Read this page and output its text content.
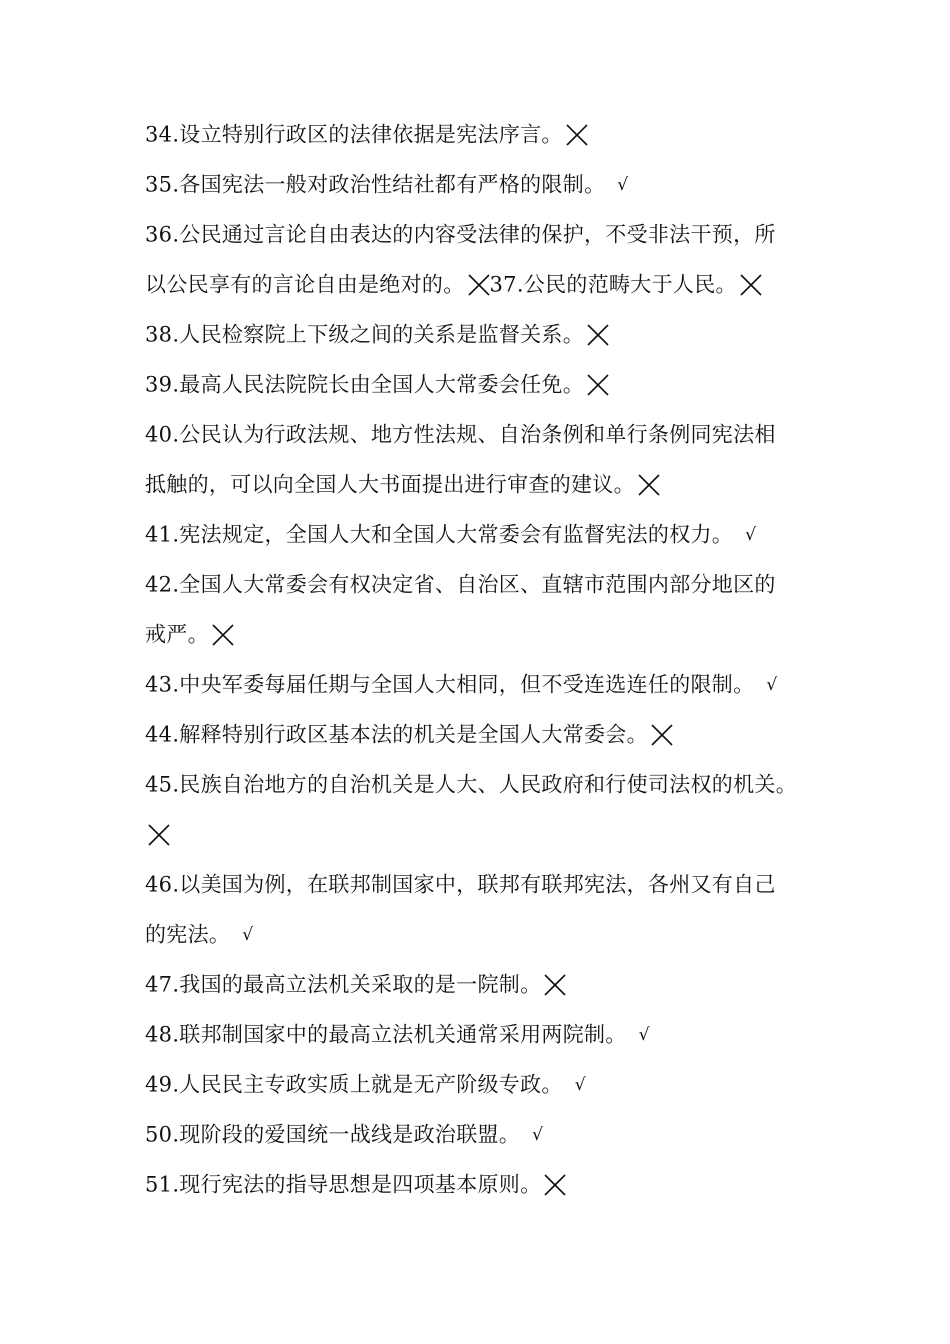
34.设立特别行政区的法律依据是宪法序言。
35.各国宪法一般对政治性结社都有严格的限制。 √
36.公民通过言论自由表达的内容受法律的保护，不受非法干预，所
以公民享有的言论自由是绝对的。 37.公民的范畴大于人民。
38.人民检察院上下级之间的关系是监督关系。
39.最高人民法院院长由全国人大常委会任免。
40.公民认为行政法规、地方性法规、自治条例和单行条例同宪法相
抵触的，可以向全国人大书面提出进行审查的建议。
41.宪法规定，全国人大和全国人大常委会有监督宪法的权力。 √
42.全国人大常委会有权决定省、自治区、直辖市范围内部分地区的
戒严。
43.中央军委每届任期与全国人大相同，但不受连选连任的限制。 √
44.解释特别行政区基本法的机关是全国人大常委会。
45.民族自治地方的自治机关是人大、人民政府和行使司法权的机关。
46.以美国为例，在联邦制国家中，联邦有联邦宪法，各州又有自己
的宪法。 √
47.我国的最高立法机关采取的是一院制。
48.联邦制国家中的最高立法机关通常采用两院制。 √
49.人民民主专政实质上就是无产阶级专政。 √
50.现阶段的爱国统一战线是政治联盟。 √
51.现行宪法的指导思想是四项基本原则。
